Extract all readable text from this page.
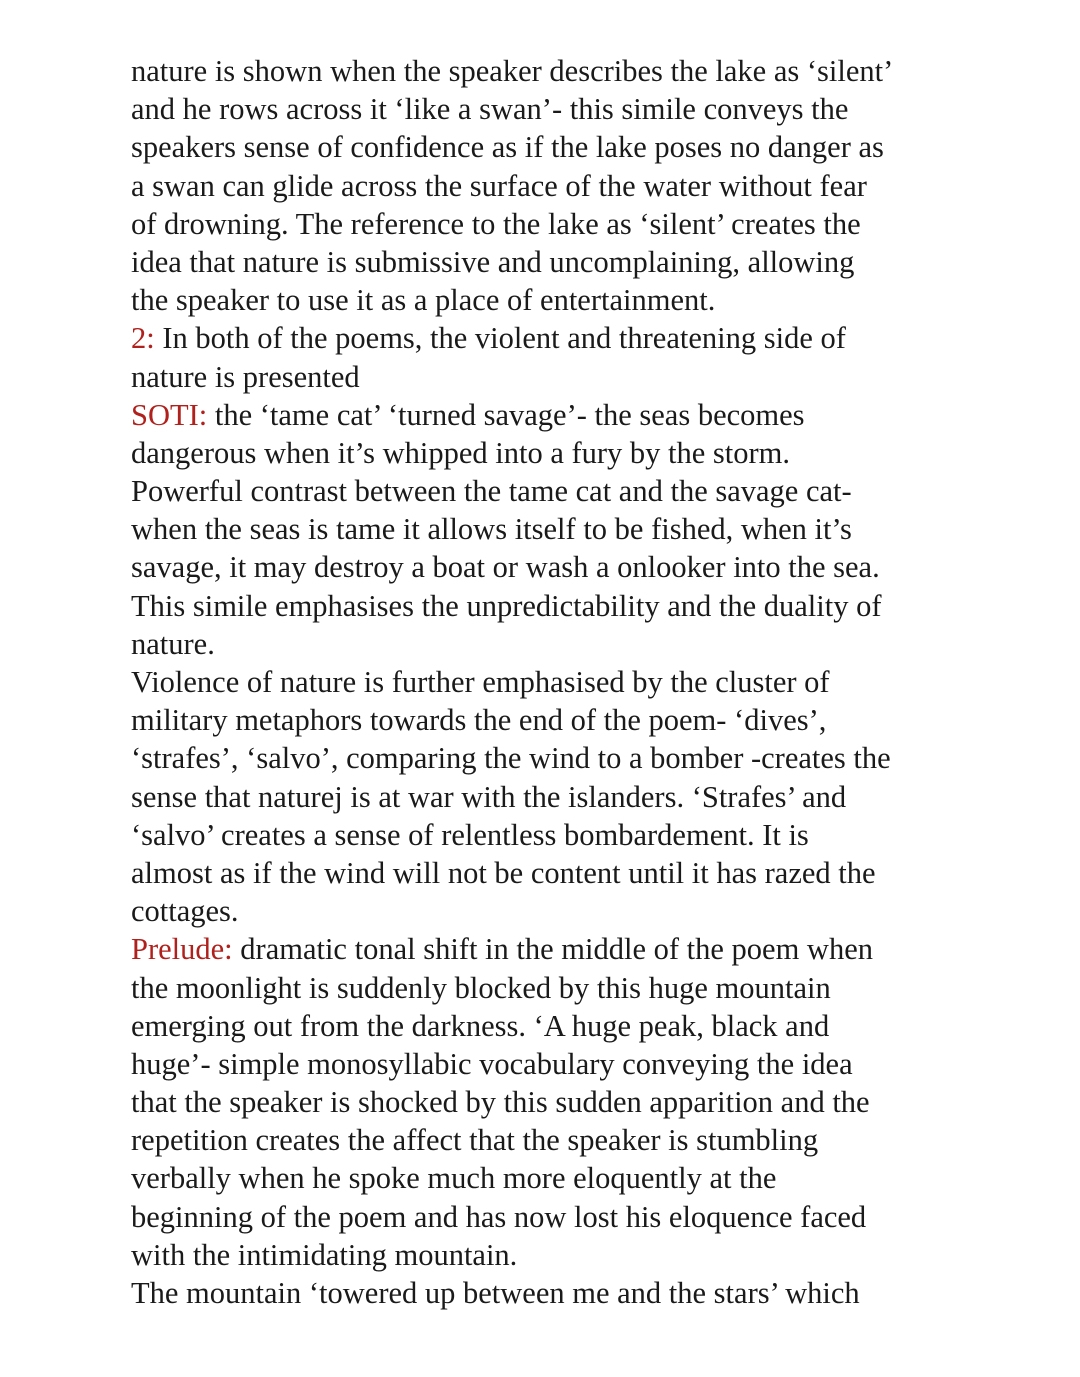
nature is shown when the speaker describes the lake as ‘silent’
and he rows across it ‘like a swan’- this simile conveys the
speakers sense of confidence as if the lake poses no danger as
a swan can glide across the surface of the water without fear
of drowning. The reference to the lake as ‘silent’ creates the
idea that nature is submissive and uncomplaining, allowing
the speaker to use it as a place of entertainment.
2: In both of the poems, the violent and threatening side of
nature is presented
SOTI: the ‘tame cat’ ‘turned savage’- the seas becomes
dangerous when it’s whipped into a fury by the storm.
Powerful contrast between the tame cat and the savage cat-
when the seas is tame it allows itself to be fished, when it’s
savage, it may destroy a boat or wash a onlooker into the sea.
This simile emphasises the unpredictability and the duality of
nature.
Violence of nature is further emphasised by the cluster of
military metaphors towards the end of the poem- ‘dives’,
‘strafes’, ‘salvo’, comparing the wind to a bomber -creates the
sense that naturej is at war with the islanders. ‘Strafes’ and
‘salvo’ creates a sense of relentless bombardement. It is
almost as if the wind will not be content until it has razed the
cottages.
Prelude: dramatic tonal shift in the middle of the poem when
the moonlight is suddenly blocked by this huge mountain
emerging out from the darkness. ‘A huge peak, black and
huge’- simple monosyllabic vocabulary conveying the idea
that the speaker is shocked by this sudden apparition and the
repetition creates the affect that the speaker is stumbling
verbally when he spoke much more eloquently at the
beginning of the poem and has now lost his eloquence faced
with the intimidating mountain.
The mountain ‘towered up between me and the stars’ which
